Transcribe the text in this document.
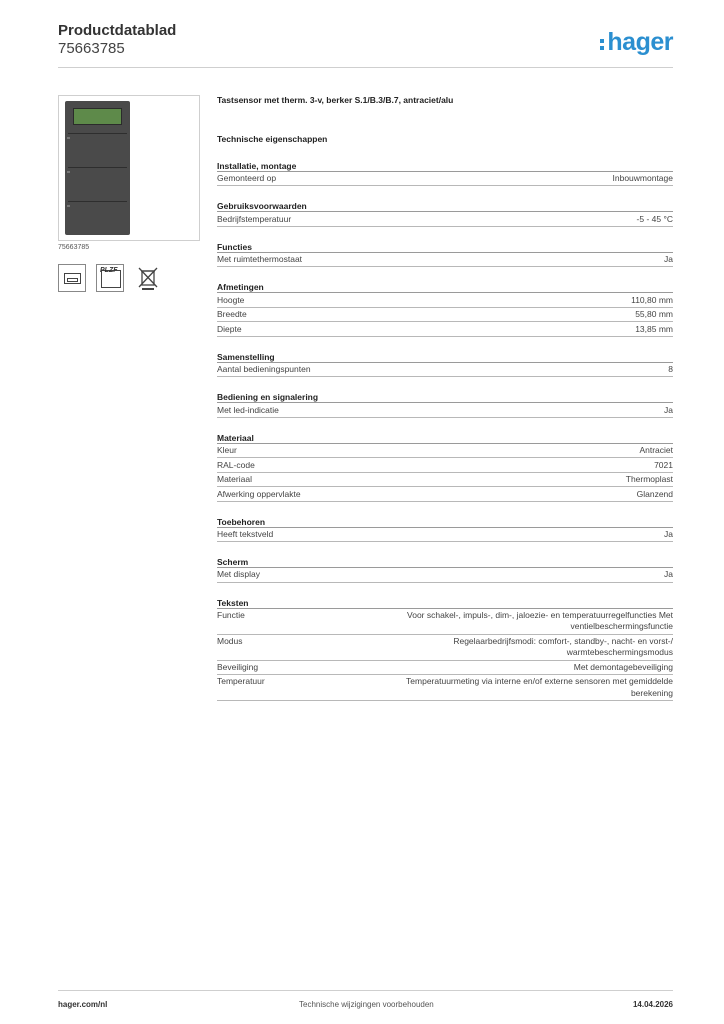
Productdatablad
75663785	hager
75663785
PLZF
Tastsensor met therm. 3-v, berker S.1/B.3/B.7, antraciet/alu
Technische eigenschappen
Installatie, montage
Gemonteerd op	Inbouwmontage
Gebruiksvoorwaarden
Bedrijfstemperatuur	-5 - 45 °C
Functies
Met ruimtethermostaat	Ja
Afmetingen
Hoogte	110,80 mm
Breedte	55,80 mm
Diepte	13,85 mm
Samenstelling
Aantal bedieningspunten	8
Bediening en signalering
Met led-indicatie	Ja
Materiaal
Kleur	Antraciet
RAL-code	7021
Materiaal	Thermoplast
Afwerking oppervlakte	Glanzend
Toebehoren
Heeft tekstveld	Ja
Scherm
Met display	Ja
Teksten
Functie	Voor schakel-, impuls-, dim-, jaloezie- en temperatuurregelfuncties Met ventielbeschermingsfunctie
Modus	Regelaarbedrijfsmodi: comfort-, standby-, nacht- en vorst-/ warmtebeschermingsmodus
Beveiliging	Met demontagebeveiliging
Temperatuur	Temperatuurmeting via interne en/of externe sensoren met gemiddelde berekening
hager.com/nl	Technische wijzigingen voorbehouden	14.04.2026
